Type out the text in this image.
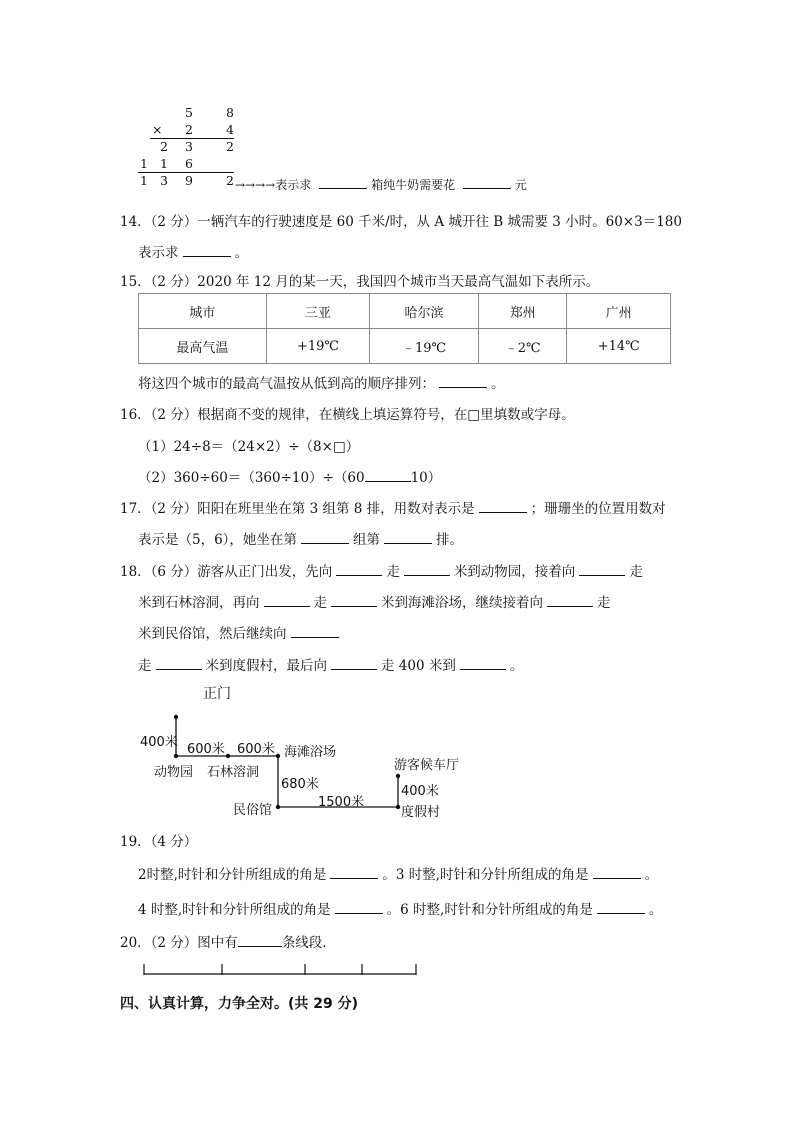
5	8
× 2	4
2 3	2
1 1 6
1 3 9	2 →→→→表示求	箱纯牛奶需要花	元
14．（2 分）一辆汽车的行驶速度是 60 千米/时，从 A 城开往 B 城需要 3 小时。60×3＝180
表示求	。
15．（2 分）2020 年 12 月的某一天，我国四个城市当天最高气温如下表所示。
城市	三亚	哈尔滨	郑州	广州
最高气温	+19℃	﹣19℃	﹣2℃	+14℃
将这四个城市的最高气温按从低到高的顺序排列：	。
16．（2 分）根据商不变的规律，在横线上填运算符号，在□里填数或字母。
（1）24÷8＝（24×2）÷（8×□）
（2）360÷60＝（360÷10）÷（60	10）
17．（2 分）阳阳在班里坐在第 3 组第 8 排，用数对表示是	；珊珊坐的位置用数对
表示是（5，6），她坐在第	组第	排。
18．（6 分）游客从正门出发，先向	走	米到动物园，接着向	走
米到石林溶洞，再向	走	米到海滩浴场，继续接着向	走
米到民俗馆，然后继续向
走	米到度假村，最后向	走 400 米到	。
正门
400米 600米 600米 海滩浴场
动物园 石林溶洞
680米
1500米
民俗馆
游客候车厅
400米
度假村
19．（4 分）
2时整,时针和分针所组成的角是	。3 时整,时针和分针所组成的角是	。
4 时整,时针和分针所组成的角是	。6 时整,时针和分针所组成的角是	。
20．（2 分）图中有	条线段.
四、认真计算，力争全对。(共 29 分)
